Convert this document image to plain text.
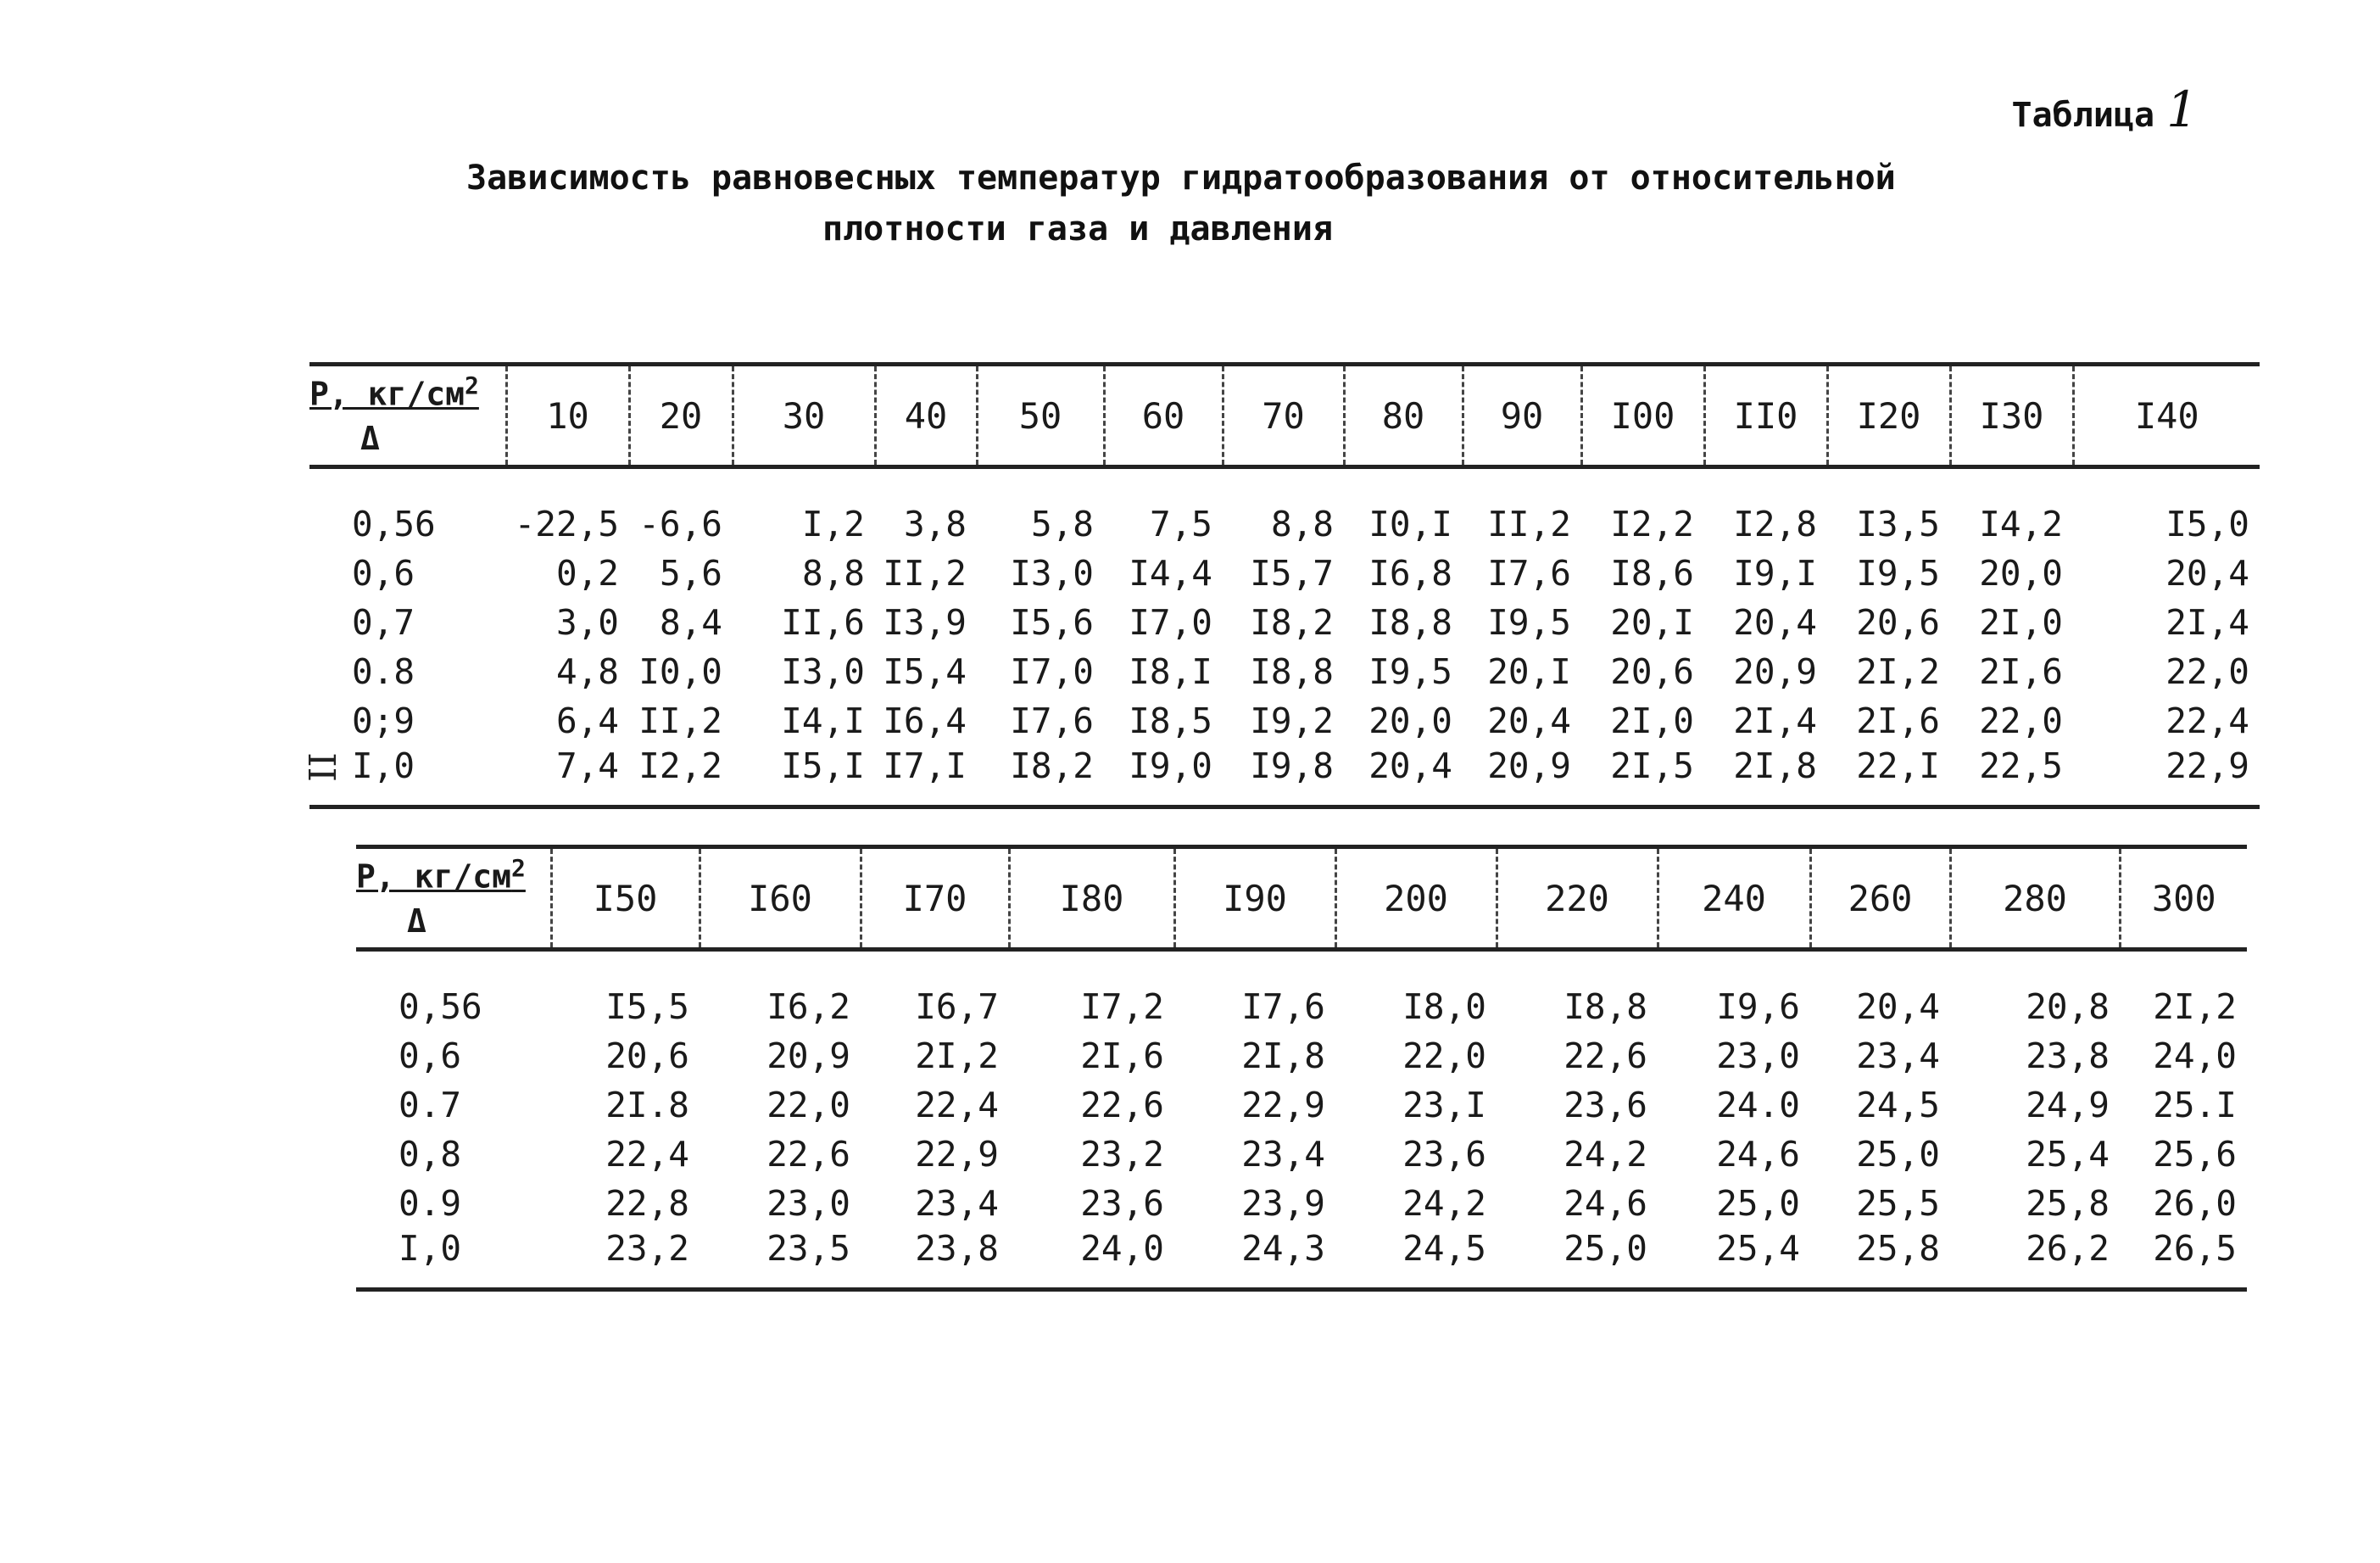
Таблица 1
Зависимость равновесных температур гидратообразования от относительной
плотности газа и давления
II
Р, $кг/см^2$
Δ	10	20	30	40	50	60	70	80	90	I00	II0	I20	I30	I40

0,56	-22,5	-6,6	I,2	3,8	5,8	7,5	8,8	I0,I	II,2	I2,2	I2,8	I3,5	I4,2	I5,0
0,6	0,2	5,6	8,8	II,2	I3,0	I4,4	I5,7	I6,8	I7,6	I8,6	I9,I	I9,5	20,0	20,4
0,7	3,0	8,4	II,6	I3,9	I5,6	I7,0	I8,2	I8,8	I9,5	20,I	20,4	20,6	2I,0	2I,4
0.8	4,8	I0,0	I3,0	I5,4	I7,0	I8,I	I8,8	I9,5	20,I	20,6	20,9	2I,2	2I,6	22,0
0;9	6,4	II,2	I4,I	I6,4	I7,6	I8,5	I9,2	20,0	20,4	2I,0	2I,4	2I,6	22,0	22,4
I,0	7,4	I2,2	I5,I	I7,I	I8,2	I9,0	I9,8	20,4	20,9	2I,5	2I,8	22,I	22,5	22,9
Р, $кг/см^2$
Δ	I50	I60	I70	I80	I90	200	220	240	260	280	300

0,56	I5,5	I6,2	I6,7	I7,2	I7,6	I8,0	I8,8	I9,6	20,4	20,8	2I,2
0,6	20,6	20,9	2I,2	2I,6	2I,8	22,0	22,6	23,0	23,4	23,8	24,0
0.7	2I.8	22,0	22,4	22,6	22,9	23,I	23,6	24.0	24,5	24,9	25.I
0,8	22,4	22,6	22,9	23,2	23,4	23,6	24,2	24,6	25,0	25,4	25,6
0.9	22,8	23,0	23,4	23,6	23,9	24,2	24,6	25,0	25,5	25,8	26,0
I,0	23,2	23,5	23,8	24,0	24,3	24,5	25,0	25,4	25,8	26,2	26,5
